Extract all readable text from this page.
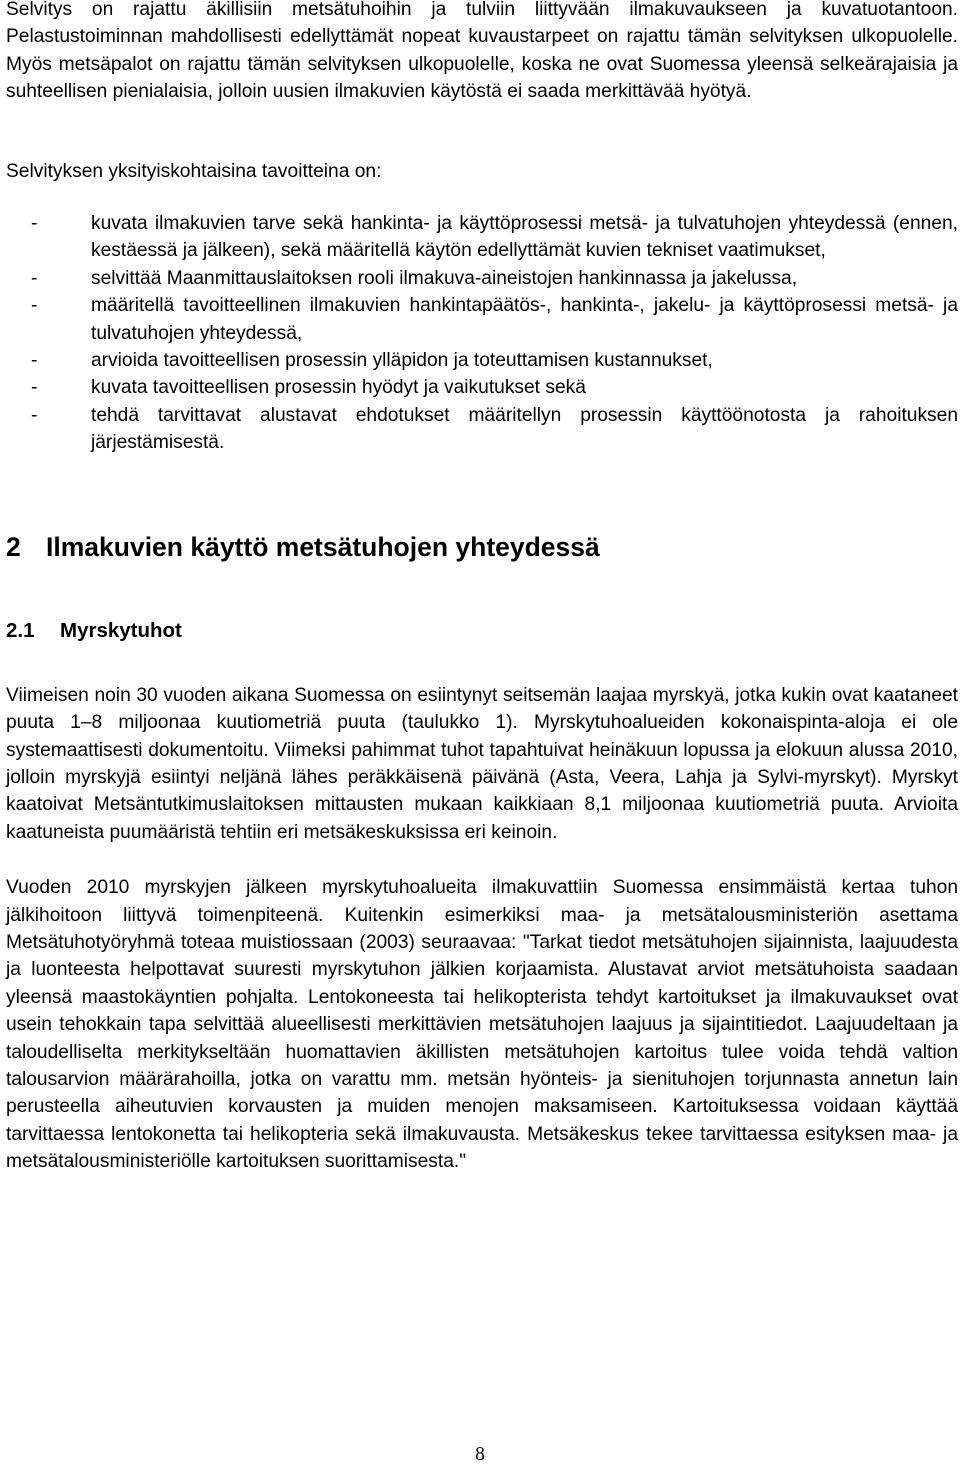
Selvitys on rajattu äkillisiin metsätuhoihin ja tulviin liittyvään ilmakuvaukseen ja kuvatuotantoon. Pelastustoiminnan mahdollisesti edellyttämät nopeat kuvaustarpeet on rajattu tämän selvityksen ulkopuolelle. Myös metsäpalot on rajattu tämän selvityksen ulkopuolelle, koska ne ovat Suomessa yleensä selkeärajaisia ja suhteellisen pienialaisia, jolloin uusien ilmakuvien käytöstä ei saada merkittävää hyötyä.

Selvityksen yksityiskohtaisina tavoitteina on:

-	kuvata ilmakuvien tarve sekä hankinta- ja käyttöprosessi metsä- ja tulvatuhojen yhteydessä (ennen, kestäessä ja jälkeen), sekä määritellä käytön edellyttämät kuvien tekniset vaatimukset,
-	selvittää Maanmittauslaitoksen rooli ilmakuva-aineistojen hankinnassa ja jakelussa,
-	määritellä tavoitteellinen ilmakuvien hankintapäätös-, hankinta-, jakelu- ja käyttöprosessi metsä- ja tulvatuhojen yhteydessä,
-	arvioida tavoitteellisen prosessin ylläpidon ja toteuttamisen kustannukset,
-	kuvata tavoitteellisen prosessin hyödyt ja vaikutukset sekä
-	tehdä tarvittavat alustavat ehdotukset määritellyn prosessin käyttöönotosta ja rahoituksen järjestämisestä.
2 Ilmakuvien käyttö metsätuhojen yhteydessä
2.1	Myrskytuhot

Viimeisen noin 30 vuoden aikana Suomessa on esiintynyt seitsemän laajaa myrskyä, jotka kukin ovat kaataneet puuta 1–8 miljoonaa kuutiometriä puuta (taulukko 1). Myrskytuhoalueiden kokonaispinta-aloja ei ole systemaattisesti dokumentoitu. Viimeksi pahimmat tuhot tapahtuivat heinäkuun lopussa ja elokuun alussa 2010, jolloin myrskyjä esiintyi neljänä lähes peräkkäisenä päivänä (Asta, Veera, Lahja ja Sylvi-myrskyt). Myrskyt kaatoivat Metsäntutkimuslaitoksen mittausten mukaan kaikkiaan 8,1 miljoonaa kuutiometriä puuta. Arvioita kaatuneista puumääristä tehtiin eri metsäkeskuksissa eri keinoin.

Vuoden 2010 myrskyjen jälkeen myrskytuhoalueita ilmakuvattiin Suomessa ensimmäistä kertaa tuhon jälkihoitoon liittyvä toimenpiteenä. Kuitenkin esimerkiksi maa- ja metsätalousministeriön asettama Metsätuhotyöryhmä toteaa muistiossaan (2003) seuraavaa: "Tarkat tiedot metsätuhojen sijainnista, laajuudesta ja luonteesta helpottavat suuresti myrskytuhon jälkien korjaamista. Alustavat arviot metsätuhoista saadaan yleensä maastokäyntien pohjalta. Lentokoneesta tai helikopterista tehdyt kartoitukset ja ilmakuvaukset ovat usein tehokkain tapa selvittää alueellisesti merkittävien metsätuhojen laajuus ja sijaintitiedot. Laajuudeltaan ja taloudelliselta merkitykseltään huomattavien äkillisten metsätuhojen kartoitus tulee voida tehdä valtion talousarvion määrärahoilla, jotka on varattu mm. metsän hyönteis- ja sienituhojen torjunnasta annetun lain perusteella aiheutuvien korvausten ja muiden menojen maksamiseen. Kartoituksessa voidaan käyttää tarvittaessa lentokonetta tai helikopteria sekä ilmakuvausta. Metsäkeskus tekee tarvittaessa esityksen maa- ja metsätalousministeriölle kartoituksen suorittamisesta."

8
